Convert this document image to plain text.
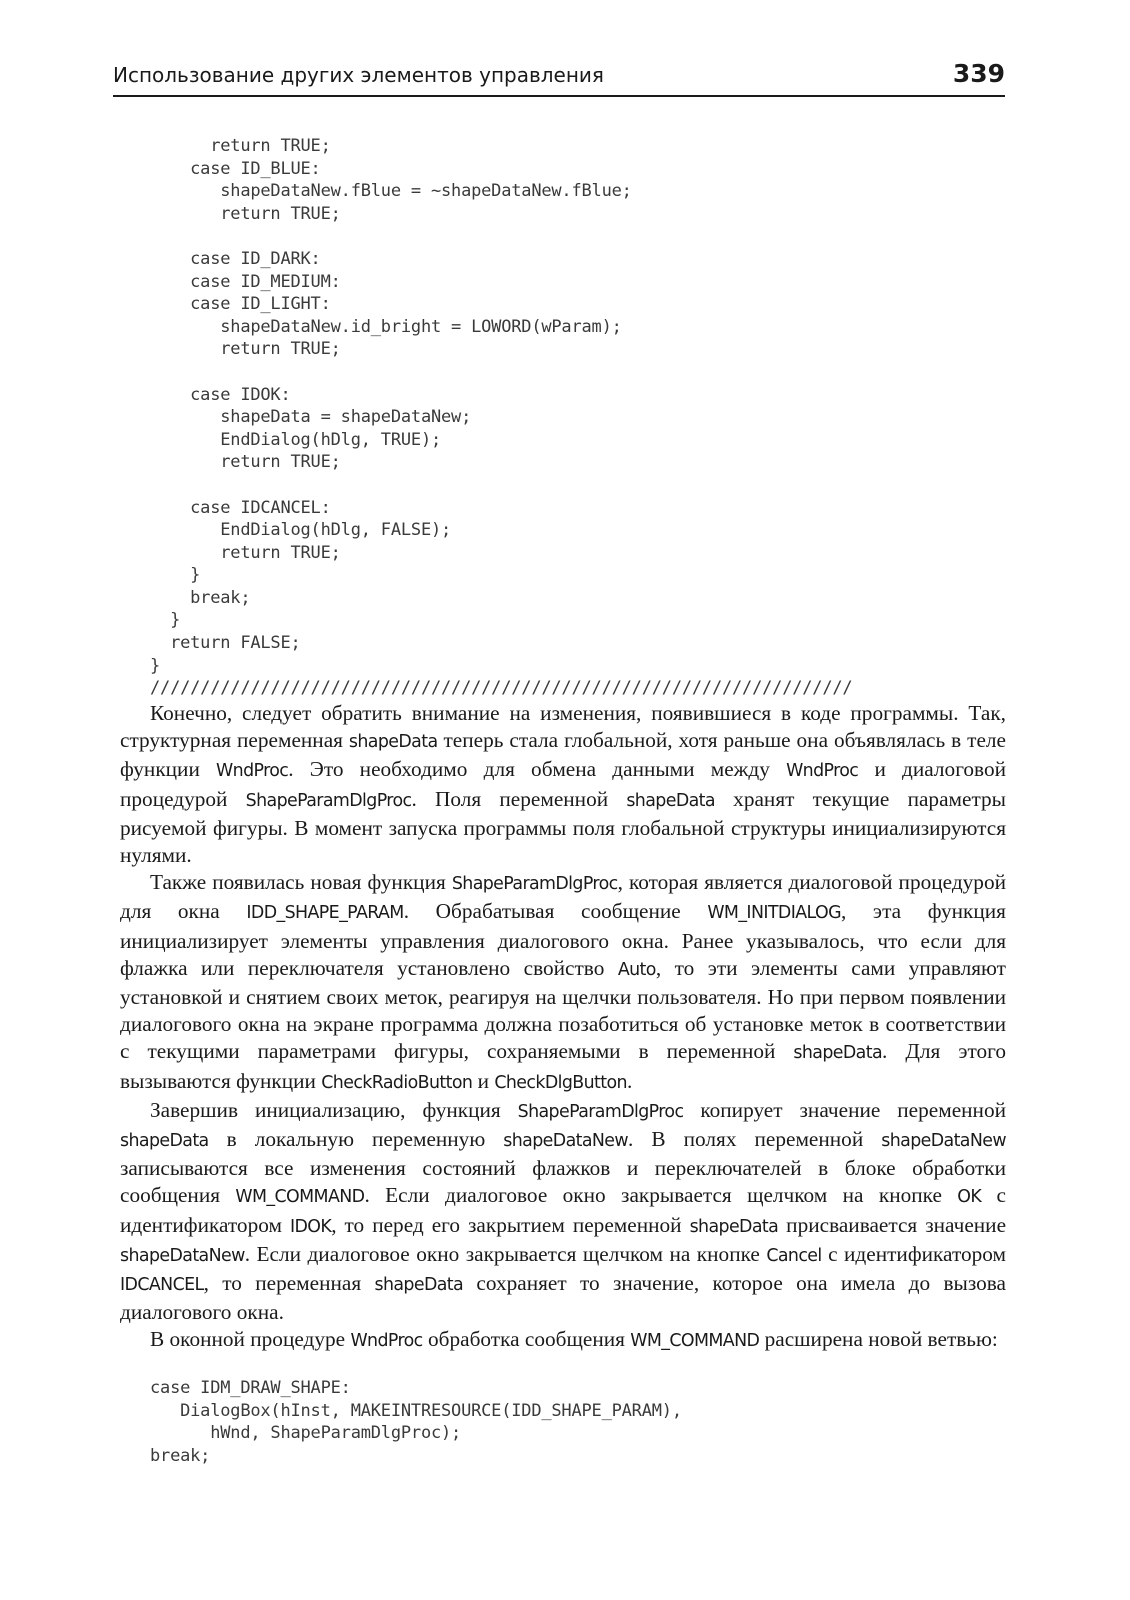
Использование других элементов управления	339
return TRUE;
case ID_BLUE:
shapeDataNew.fBlue = ~shapeDataNew.fBlue;
return TRUE;

case ID_DARK:
case ID_MEDIUM:
case ID_LIGHT:
shapeDataNew.id_bright = LOWORD(wParam);
return TRUE;

case IDOK:
shapeData = shapeDataNew;
EndDialog(hDlg, TRUE);
return TRUE;

case IDCANCEL:
EndDialog(hDlg, FALSE);
return TRUE;
}
break;
}
return FALSE;
}
//////////////////////////////////////////////////////////////////////

Конечно, следует обратить внимание на изменения, появившиеся в коде программы. Так, структурная переменная shapeData теперь стала глобальной, хотя раньше она объявлялась в теле функции WndProc. Это необходимо для обмена данными между WndProc и диалоговой процедурой ShapeParamDlgProc. Поля переменной shapeData хранят текущие параметры рисуемой фигуры. В момент запуска программы поля глобальной структуры инициализируются нулями.

Также появилась новая функция ShapeParamDlgProc, которая является диалоговой процедурой для окна IDD_SHAPE_PARAM. Обрабатывая сообщение WM_INITDIALOG, эта функция инициализирует элементы управления диалогового окна. Ранее указывалось, что если для флажка или переключателя установлено свойство Auto, то эти элементы сами управляют установкой и снятием своих меток, реагируя на щелчки пользователя. Но при первом появлении диалогового окна на экране программа должна позаботиться об установке меток в соответствии с текущими параметрами фигуры, сохраняемыми в переменной shapeData. Для этого вызываются функции CheckRadioButton и CheckDlgButton.

Завершив инициализацию, функция ShapeParamDlgProc копирует значение переменной shapeData в локальную переменную shapeDataNew. В полях переменной shapeDataNew записываются все изменения состояний флажков и переключателей в блоке обработки сообщения WM_COMMAND. Если диалоговое окно закрывается щелчком на кнопке OK с идентификатором IDOK, то перед его закрытием переменной shapeData присваивается значение shapeDataNew. Если диалоговое окно закрывается щелчком на кнопке Cancel с идентификатором IDCANCEL, то переменная shapeData сохраняет то значение, которое она имела до вызова диалогового окна.

В оконной процедуре WndProc обработка сообщения WM_COMMAND расширена новой ветвью:

case IDM_DRAW_SHAPE:
DialogBox(hInst, MAKEINTRESOURCE(IDD_SHAPE_PARAM),
hWnd, ShapeParamDlgProc);
break;
